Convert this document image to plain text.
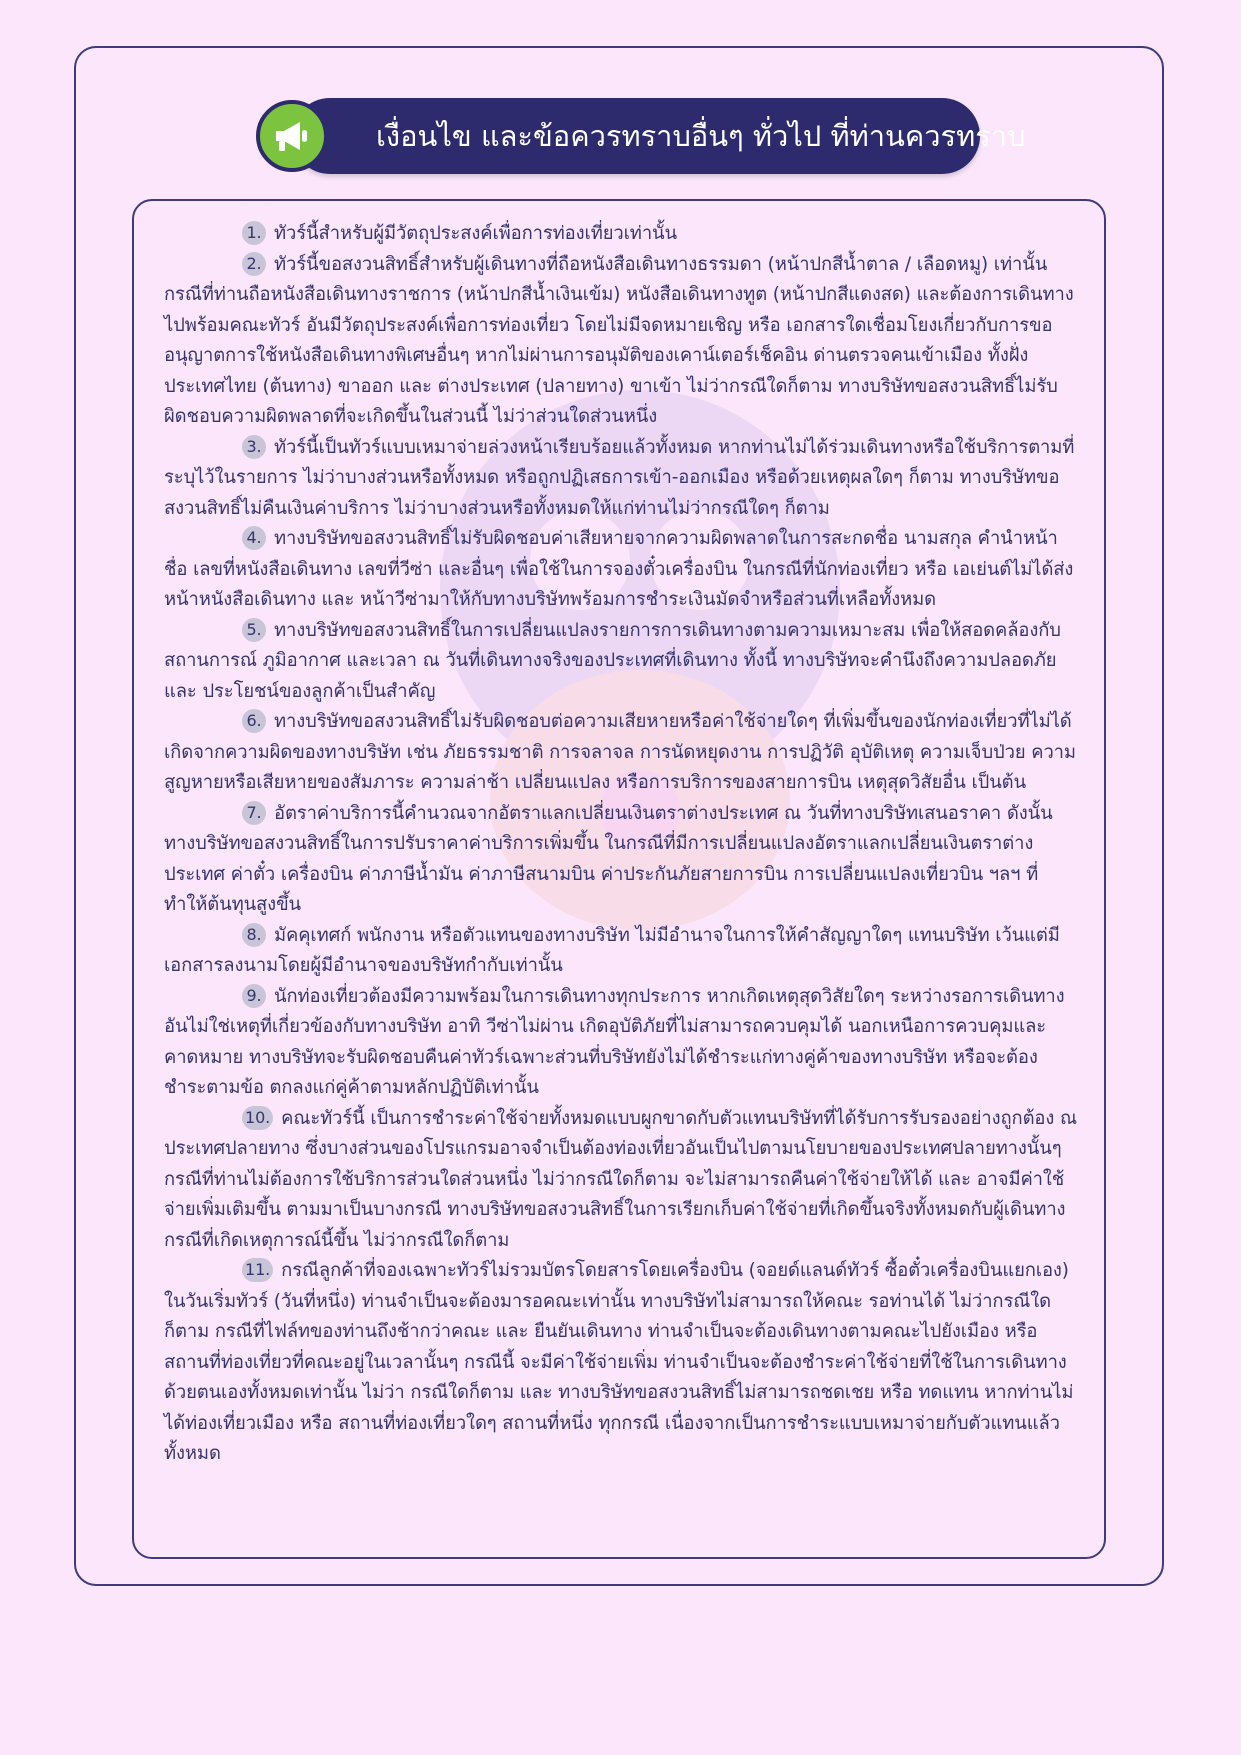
เงื่อนไข และข้อควรทราบอื่นๆ ทั่วไป ที่ท่านควรทราบ

1. ทัวร์นี้สำหรับผู้มีวัตถุประสงค์เพื่อการท่องเที่ยวเท่านั้น

2. ทัวร์นี้ขอสงวนสิทธิ์สำหรับผู้เดินทางที่ถือหนังสือเดินทางธรรมดา (หน้าปกสีน้ำตาล / เลือดหมู) เท่านั้น กรณีที่ท่านถือหนังสือเดินทางราชการ (หน้าปกสีน้ำเงินเข้ม) หนังสือเดินทางทูต (หน้าปกสีแดงสด) และต้องการเดินทางไปพร้อมคณะทัวร์ อันมีวัตถุประสงค์เพื่อการท่องเที่ยว โดยไม่มีจดหมายเชิญ หรือ เอกสารใดเชื่อมโยงเกี่ยวกับการขออนุญาตการใช้หนังสือเดินทางพิเศษอื่นๆ หากไม่ผ่านการอนุมัติของเคาน์เตอร์เช็คอิน ด่านตรวจคนเข้าเมือง ทั้งฝั่งประเทศไทย (ต้นทาง) ขาออก และ ต่างประเทศ (ปลายทาง) ขาเข้า ไม่ว่ากรณีใดก็ตาม ทางบริษัทขอสงวนสิทธิ์ไม่รับผิดชอบความผิดพลาดที่จะเกิดขึ้นในส่วนนี้ ไม่ว่าส่วนใดส่วนหนึ่ง

3. ทัวร์นี้เป็นทัวร์แบบเหมาจ่ายล่วงหน้าเรียบร้อยแล้วทั้งหมด หากท่านไม่ได้ร่วมเดินทางหรือใช้บริการตามที่ระบุไว้ในรายการ ไม่ว่าบางส่วนหรือทั้งหมด หรือถูกปฏิเสธการเข้า-ออกเมือง หรือด้วยเหตุผลใดๆ ก็ตาม ทางบริษัทขอสงวนสิทธิ์ไม่คืนเงินค่าบริการ ไม่ว่าบางส่วนหรือทั้งหมดให้แก่ท่านไม่ว่ากรณีใดๆ ก็ตาม

4. ทางบริษัทขอสงวนสิทธิ์ไม่รับผิดชอบค่าเสียหายจากความผิดพลาดในการสะกดชื่อ นามสกุล คำนำหน้าชื่อ เลขที่หนังสือเดินทาง เลขที่วีซ่า และอื่นๆ เพื่อใช้ในการจองตั๋วเครื่องบิน ในกรณีที่นักท่องเที่ยว หรือ เอเย่นต์ไม่ได้ส่งหน้าหนังสือเดินทาง และ หน้าวีซ่ามาให้กับทางบริษัทพร้อมการชำระเงินมัดจำหรือส่วนที่เหลือทั้งหมด

5. ทางบริษัทขอสงวนสิทธิ์ในการเปลี่ยนแปลงรายการการเดินทางตามความเหมาะสม เพื่อให้สอดคล้องกับ สถานการณ์ ภูมิอากาศ และเวลา ณ วันที่เดินทางจริงของประเทศที่เดินทาง ทั้งนี้ ทางบริษัทจะคำนึงถึงความปลอดภัย และ ประโยชน์ของลูกค้าเป็นสำคัญ

6. ทางบริษัทขอสงวนสิทธิ์ไม่รับผิดชอบต่อความเสียหายหรือค่าใช้จ่ายใดๆ ที่เพิ่มขึ้นของนักท่องเที่ยวที่ไม่ได้เกิดจากความผิดของทางบริษัท เช่น ภัยธรรมชาติ การจลาจล การนัดหยุดงาน การปฏิวัติ อุบัติเหตุ ความเจ็บป่วย ความสูญหายหรือเสียหายของสัมภาระ ความล่าช้า เปลี่ยนแปลง หรือการบริการของสายการบิน เหตุสุดวิสัยอื่น เป็นต้น

7. อัตราค่าบริการนี้คำนวณจากอัตราแลกเปลี่ยนเงินตราต่างประเทศ ณ วันที่ทางบริษัทเสนอราคา ดังนั้น ทางบริษัทขอสงวนสิทธิ์ในการปรับราคาค่าบริการเพิ่มขึ้น ในกรณีที่มีการเปลี่ยนแปลงอัตราแลกเปลี่ยนเงินตราต่างประเทศ ค่าตั๋ว เครื่องบิน ค่าภาษีน้ำมัน ค่าภาษีสนามบิน ค่าประกันภัยสายการบิน การเปลี่ยนแปลงเที่ยวบิน ฯลฯ ที่ทำให้ต้นทุนสูงขึ้น

8. มัคคุเทศก์ พนักงาน หรือตัวแทนของทางบริษัท ไม่มีอำนาจในการให้คำสัญญาใดๆ แทนบริษัท เว้นแต่มีเอกสารลงนามโดยผู้มีอำนาจของบริษัทกำกับเท่านั้น

9. นักท่องเที่ยวต้องมีความพร้อมในการเดินทางทุกประการ หากเกิดเหตุสุดวิสัยใดๆ ระหว่างรอการเดินทาง อันไม่ใช่เหตุที่เกี่ยวข้องกับทางบริษัท อาทิ วีซ่าไม่ผ่าน เกิดอุบัติภัยที่ไม่สามารถควบคุมได้ นอกเหนือการควบคุมและคาดหมาย ทางบริษัทจะรับผิดชอบคืนค่าทัวร์เฉพาะส่วนที่บริษัทยังไม่ได้ชำระแก่ทางคู่ค้าของทางบริษัท หรือจะต้องชำระตามข้อ ตกลงแก่คู่ค้าตามหลักปฏิบัติเท่านั้น

10. คณะทัวร์นี้ เป็นการชำระค่าใช้จ่ายทั้งหมดแบบผูกขาดกับตัวแทนบริษัทที่ได้รับการรับรองอย่างถูกต้อง ณ ประเทศปลายทาง ซึ่งบางส่วนของโปรแกรมอาจจำเป็นต้องท่องเที่ยวอันเป็นไปตามนโยบายของประเทศปลายทางนั้นๆ กรณีที่ท่านไม่ต้องการใช้บริการส่วนใดส่วนหนึ่ง ไม่ว่ากรณีใดก็ตาม จะไม่สามารถคืนค่าใช้จ่ายให้ได้ และ อาจมีค่าใช้จ่ายเพิ่มเติมขึ้น ตามมาเป็นบางกรณี ทางบริษัทขอสงวนสิทธิ์ในการเรียกเก็บค่าใช้จ่ายที่เกิดขึ้นจริงทั้งหมดกับผู้เดินทาง กรณีที่เกิดเหตุการณ์นี้ขึ้น ไม่ว่ากรณีใดก็ตาม

11. กรณีลูกค้าที่จองเฉพาะทัวร์ไม่รวมบัตรโดยสารโดยเครื่องบิน (จอยด์แลนด์ทัวร์ ซื้อตั๋วเครื่องบินแยกเอง) ในวันเริ่มทัวร์ (วันที่หนึ่ง) ท่านจำเป็นจะต้องมารอคณะเท่านั้น ทางบริษัทไม่สามารถให้คณะ รอท่านได้ ไม่ว่ากรณีใดก็ตาม กรณีที่ไฟล์ทของท่านถึงช้ากว่าคณะ และ ยืนยันเดินทาง ท่านจำเป็นจะต้องเดินทางตามคณะไปยังเมือง หรือ สถานที่ท่องเที่ยวที่คณะอยู่ในเวลานั้นๆ กรณีนี้ จะมีค่าใช้จ่ายเพิ่ม ท่านจำเป็นจะต้องชำระค่าใช้จ่ายที่ใช้ในการเดินทางด้วยตนเองทั้งหมดเท่านั้น ไม่ว่า กรณีใดก็ตาม และ ทางบริษัทขอสงวนสิทธิ์ไม่สามารถชดเชย หรือ ทดแทน หากท่านไม่ได้ท่องเที่ยวเมือง หรือ สถานที่ท่องเที่ยวใดๆ สถานที่หนึ่ง ทุกกรณี เนื่องจากเป็นการชำระแบบเหมาจ่ายกับตัวแทนแล้วทั้งหมด
